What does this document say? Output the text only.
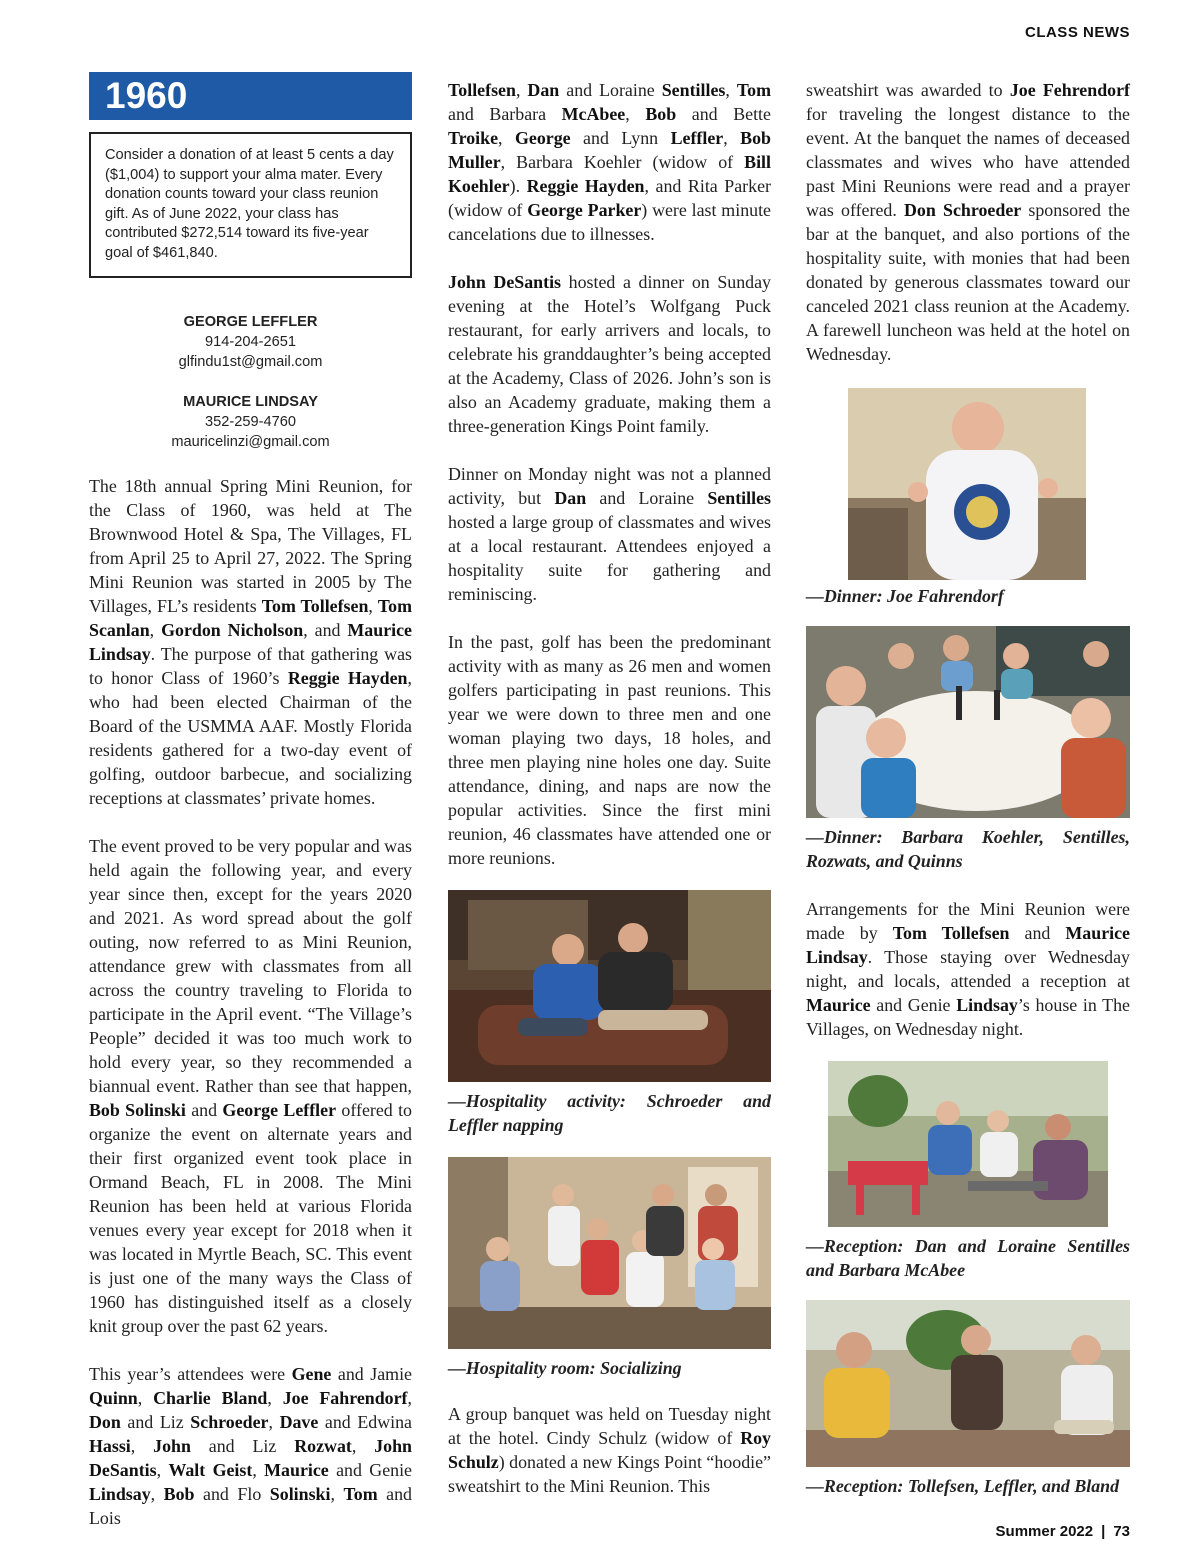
CLASS NEWS
1960
Consider a donation of at least 5 cents a day ($1,004) to support your alma mater. Every donation counts toward your class reunion gift. As of June 2022, your class has contributed $272,514 toward its five-year goal of $461,840.
GEORGE LEFFLER
914-204-2651
glfindu1st@gmail.com
MAURICE LINDSAY
352-259-4760
mauricelinzi@gmail.com

The 18th annual Spring Mini Reunion, for the Class of 1960, was held at The Brownwood Hotel & Spa, The Villages, FL from April 25 to April 27, 2022. The Spring Mini Reunion was started in 2005 by The Villages, FL’s residents Tom Tollefsen, Tom Scanlan, Gordon Nicholson, and Maurice Lindsay. The purpose of that gathering was to honor Class of 1960’s Reggie Hayden, who had been elected Chairman of the Board of the USMMA AAF. Mostly Florida residents gathered for a two-day event of golfing, outdoor barbecue, and socializing receptions at classmates’ private homes.

The event proved to be very popular and was held again the following year, and every year since then, except for the years 2020 and 2021. As word spread about the golf outing, now referred to as Mini Reunion, attendance grew with classmates from all across the country traveling to Florida to participate in the April event. “The Village’s People” decided it was too much work to hold every year, so they recommended a biannual event. Rather than see that happen, Bob Solinski and George Leffler offered to organize the event on alternate years and their first organized event took place in Ormand Beach, FL in 2008. The Mini Reunion has been held at various Florida venues every year except for 2018 when it was located in Myrtle Beach, SC. This event is just one of the many ways the Class of 1960 has distinguished itself as a closely knit group over the past 62 years.

This year’s attendees were Gene and Jamie Quinn, Charlie Bland, Joe Fahrendorf, Don and Liz Schroeder, Dave and Edwina Hassi, John and Liz Rozwat, John DeSantis, Walt Geist, Maurice and Genie Lindsay, Bob and Flo Solinski, Tom and Lois

Tollefsen, Dan and Loraine Sentilles, Tom and Barbara McAbee, Bob and Bette Troike, George and Lynn Leffler, Bob Muller, Barbara Koehler (widow of Bill Koehler). Reggie Hayden, and Rita Parker (widow of George Parker) were last minute cancelations due to illnesses.

John DeSantis hosted a dinner on Sunday evening at the Hotel’s Wolfgang Puck restaurant, for early arrivers and locals, to celebrate his granddaughter’s being accepted at the Academy, Class of 2026. John’s son is also an Academy graduate, making them a three-generation Kings Point family.

Dinner on Monday night was not a planned activity, but Dan and Loraine Sentilles hosted a large group of classmates and wives at a local restaurant. Attendees enjoyed a hospitality suite for gathering and reminiscing.

In the past, golf has been the predominant activity with as many as 26 men and women golfers participating in past reunions. This year we were down to three men and one woman playing two days, 18 holes, and three men playing nine holes one day. Suite attendance, dining, and naps are now the popular activities. Since the first mini reunion, 46 classmates have attended one or more reunions.

—Hospitality activity: Schroeder and Leffler napping
—Hospitality room: Socializing

A group banquet was held on Tuesday night at the hotel. Cindy Schulz (widow of Roy Schulz) donated a new Kings Point “hoodie” sweatshirt to the Mini Reunion. This

sweatshirt was awarded to Joe Fehrendorf for traveling the longest distance to the event. At the banquet the names of deceased classmates and wives who have attended past Mini Reunions were read and a prayer was offered. Don Schroeder sponsored the bar at the banquet, and also portions of the hospitality suite, with monies that had been donated by generous classmates toward our canceled 2021 class reunion at the Academy. A farewell luncheon was held at the hotel on Wednesday.

—Dinner: Joe Fahrendorf
—Dinner: Barbara Koehler, Sentilles, Rozwats, and Quinns

Arrangements for the Mini Reunion were made by Tom Tollefsen and Maurice Lindsay. Those staying over Wednesday night, and locals, attended a reception at Maurice and Genie Lindsay’s house in The Villages, on Wednesday night.

—Reception: Dan and Loraine Sentilles and Barbara McAbee
—Reception: Tollefsen, Leffler, and Bland
Summer 2022 | 73
